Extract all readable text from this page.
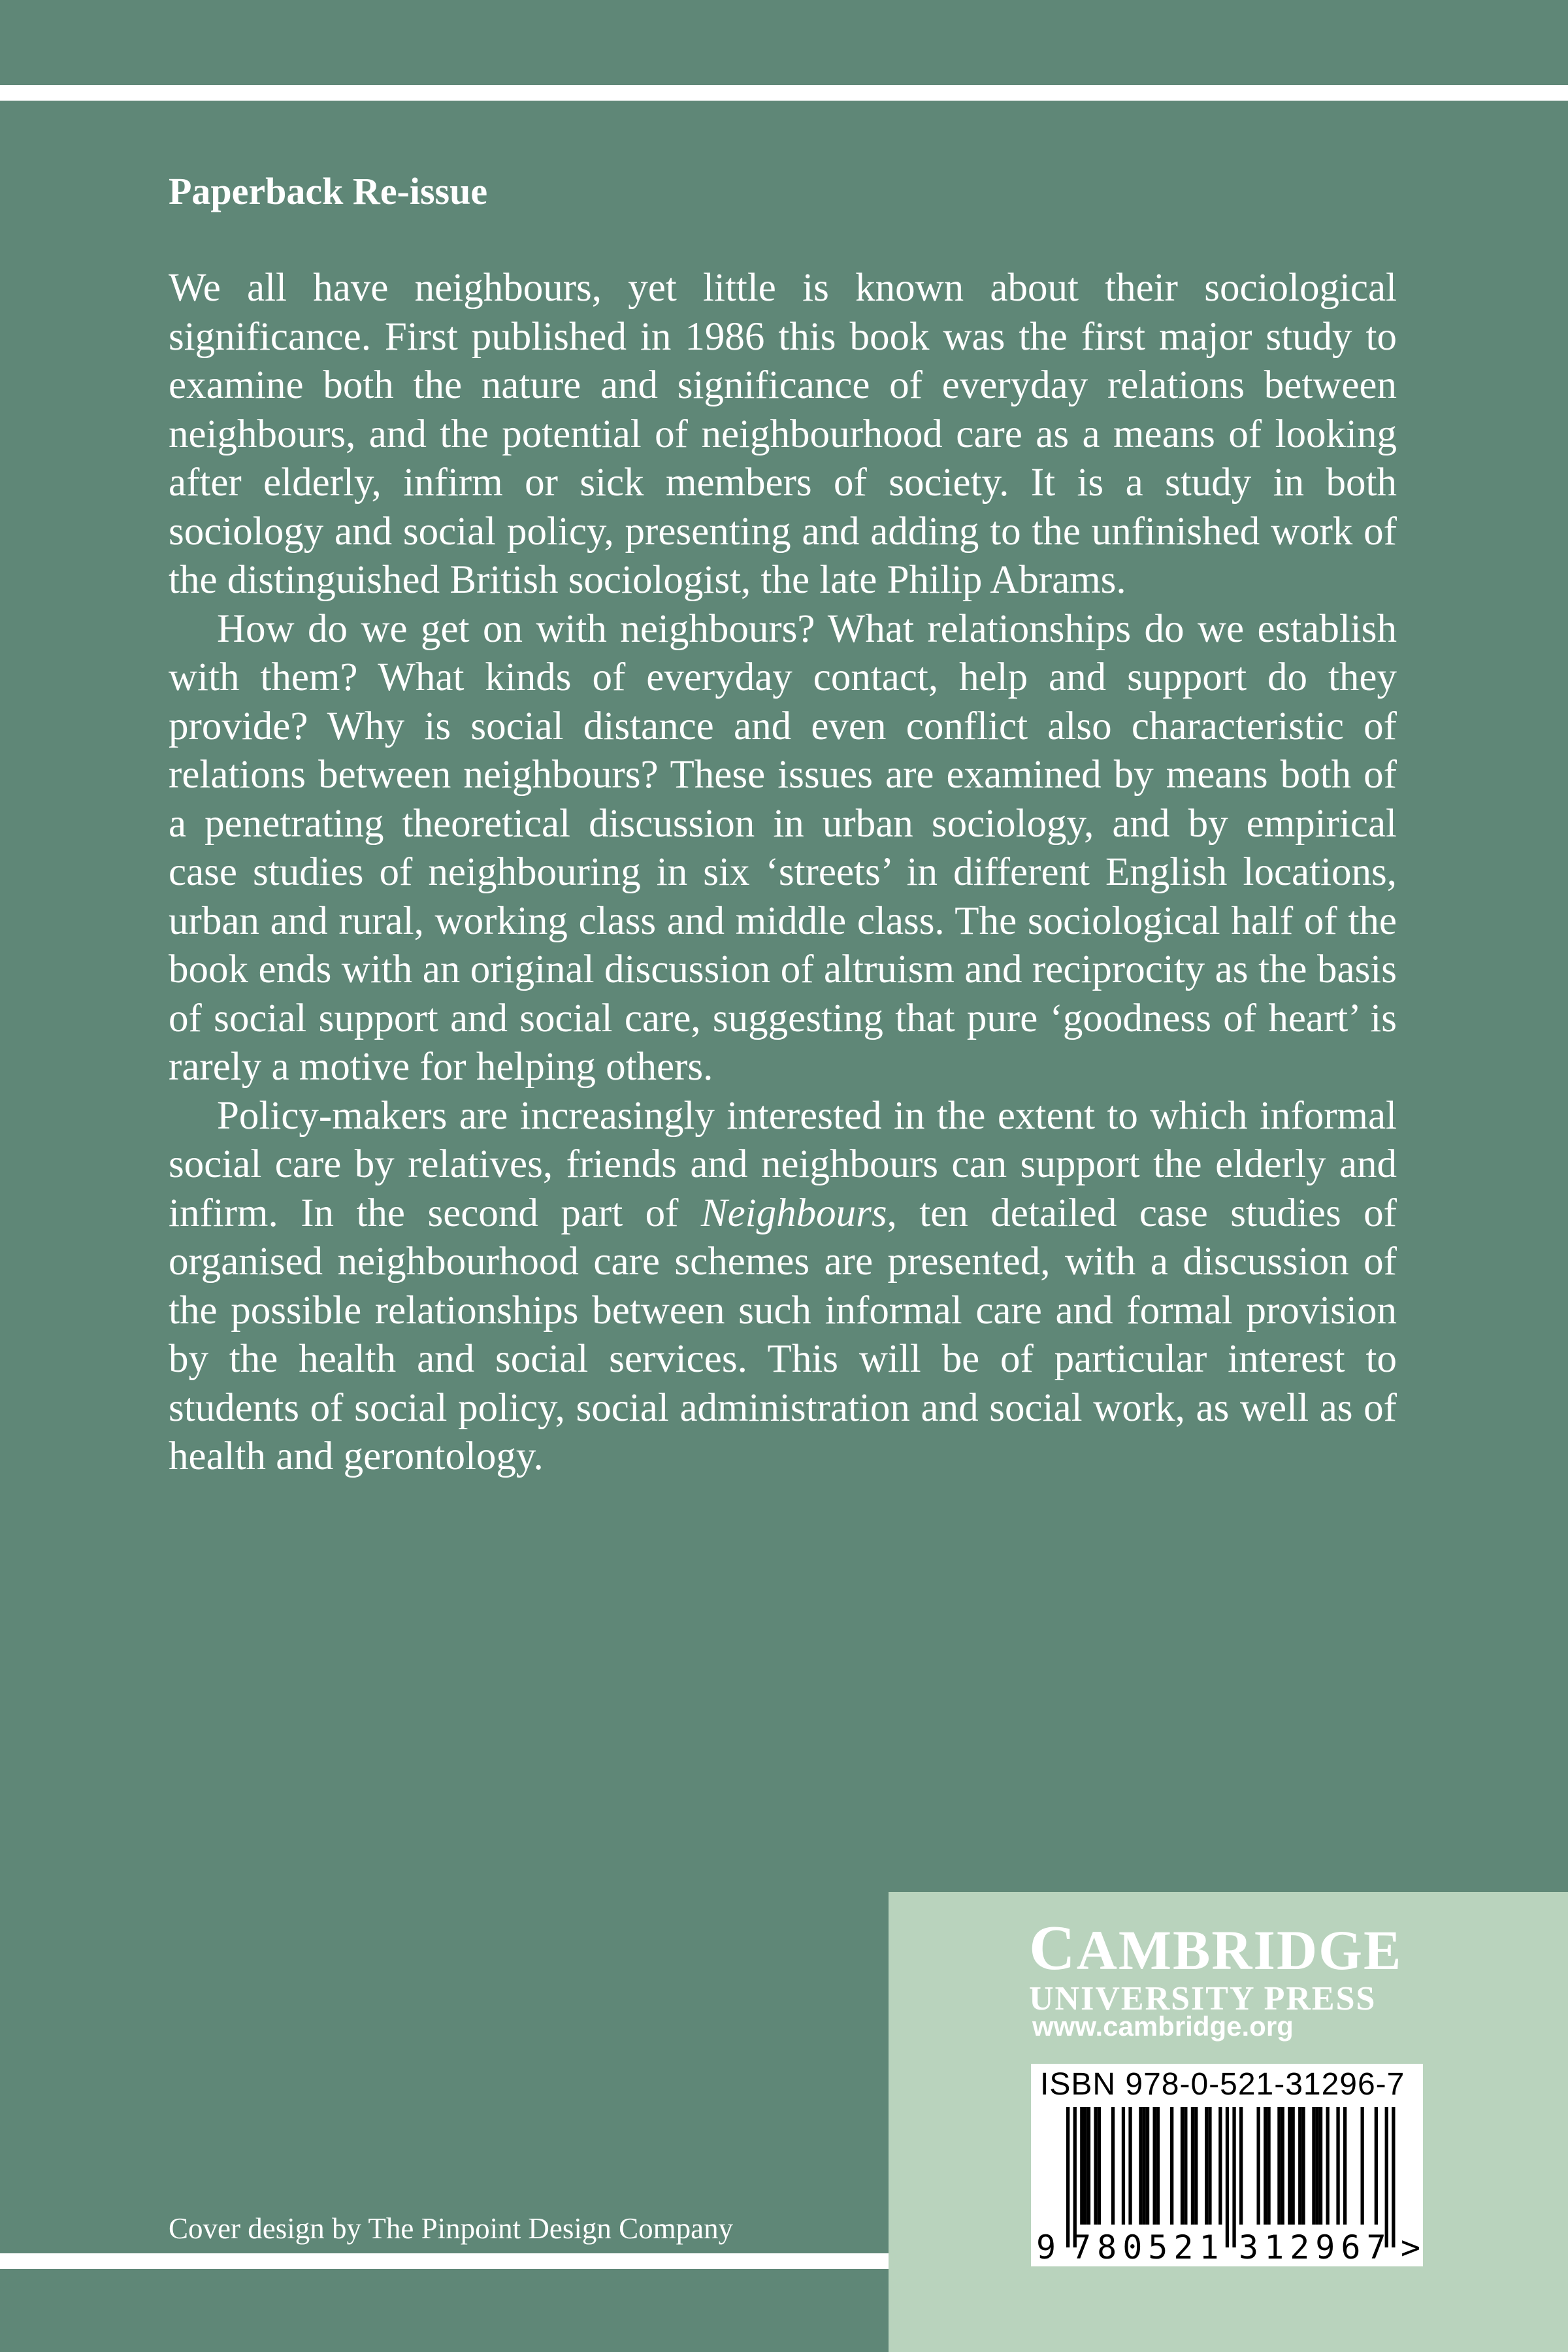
Paperback Re-issue

We all have neighbours, yet little is known about their sociological significance. First published in 1986 this book was the first major study to examine both the nature and significance of everyday relations between neighbours, and the potential of neighbourhood care as a means of looking after elderly, infirm or sick members of society. It is a study in both sociology and social policy, presenting and adding to the unfinished work of the distinguished British sociologist, the late Philip Abrams.

How do we get on with neighbours? What relationships do we establish with them? What kinds of everyday contact, help and support do they provide? Why is social distance and even conflict also characteristic of relations between neighbours? These issues are examined by means both of a penetrating theoretical discussion in urban sociology, and by empirical case studies of neighbouring in six ‘streets’ in different English locations, urban and rural, working class and middle class. The sociological half of the book ends with an original discussion of altruism and reciprocity as the basis of social support and social care, suggesting that pure ‘goodness of heart’ is rarely a motive for helping others.

Policy-makers are increasingly interested in the extent to which informal social care by relatives, friends and neighbours can support the elderly and infirm. In the second part of Neighbours, ten detailed case studies of organised neighbourhood care schemes are presented, with a discussion of the possible relationships between such informal care and formal provision by the health and social services. This will be of particular interest to students of social policy, social administration and social work, as well as of health and gerontology.

Cover design by The Pinpoint Design Company
CAMBRIDGE
UNIVERSITY PRESS
www.cambridge.org
ISBN 978-0-521-31296-7
9 780521 312967 >
